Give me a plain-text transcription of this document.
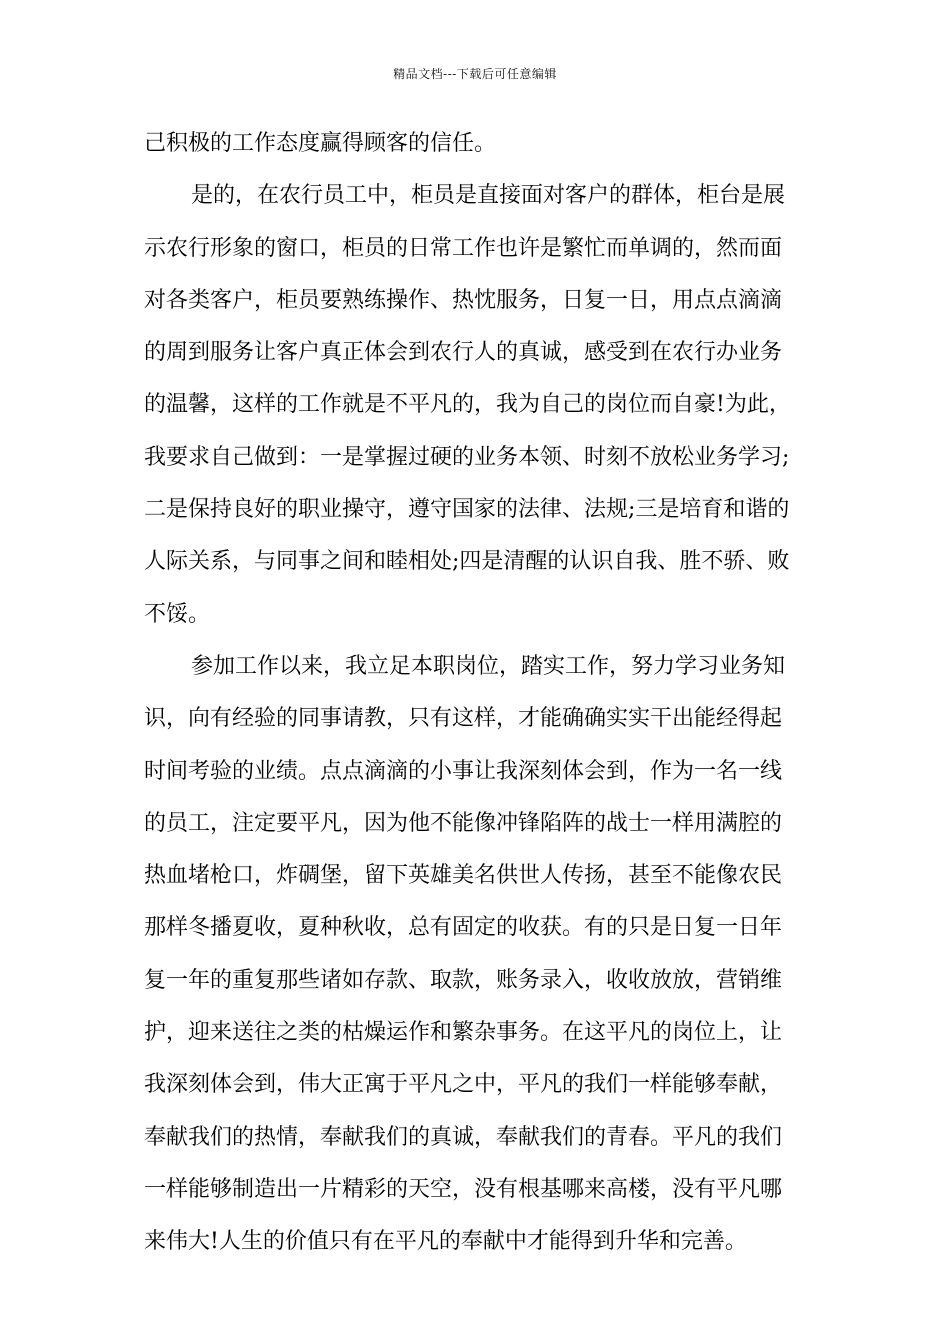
精品文档---下载后可任意编辑
己积极的工作态度赢得顾客的信任。
是的，在农行员工中，柜员是直接面对客户的群体，柜台是展
示农行形象的窗口，柜员的日常工作也许是繁忙而单调的，然而面
对各类客户，柜员要熟练操作、热忱服务，日复一日，用点点滴滴
的周到服务让客户真正体会到农行人的真诚，感受到在农行办业务
的温馨，这样的工作就是不平凡的，我为自己的岗位而自豪!为此，
我要求自己做到：一是掌握过硬的业务本领、时刻不放松业务学习;
二是保持良好的职业操守，遵守国家的法律、法规;三是培育和谐的
人际关系，与同事之间和睦相处;四是清醒的认识自我、胜不骄、败
不馁。
参加工作以来，我立足本职岗位，踏实工作，努力学习业务知
识，向有经验的同事请教，只有这样，才能确确实实干出能经得起
时间考验的业绩。点点滴滴的小事让我深刻体会到，作为一名一线
的员工，注定要平凡，因为他不能像冲锋陷阵的战士一样用满腔的
热血堵枪口，炸碉堡，留下英雄美名供世人传扬，甚至不能像农民
那样冬播夏收，夏种秋收，总有固定的收获。有的只是日复一日年
复一年的重复那些诸如存款、取款，账务录入，收收放放，营销维
护，迎来送往之类的枯燥运作和繁杂事务。在这平凡的岗位上，让
我深刻体会到，伟大正寓于平凡之中，平凡的我们一样能够奉献，
奉献我们的热情，奉献我们的真诚，奉献我们的青春。平凡的我们
一样能够制造出一片精彩的天空，没有根基哪来高楼，没有平凡哪
来伟大!人生的价值只有在平凡的奉献中才能得到升华和完善。
